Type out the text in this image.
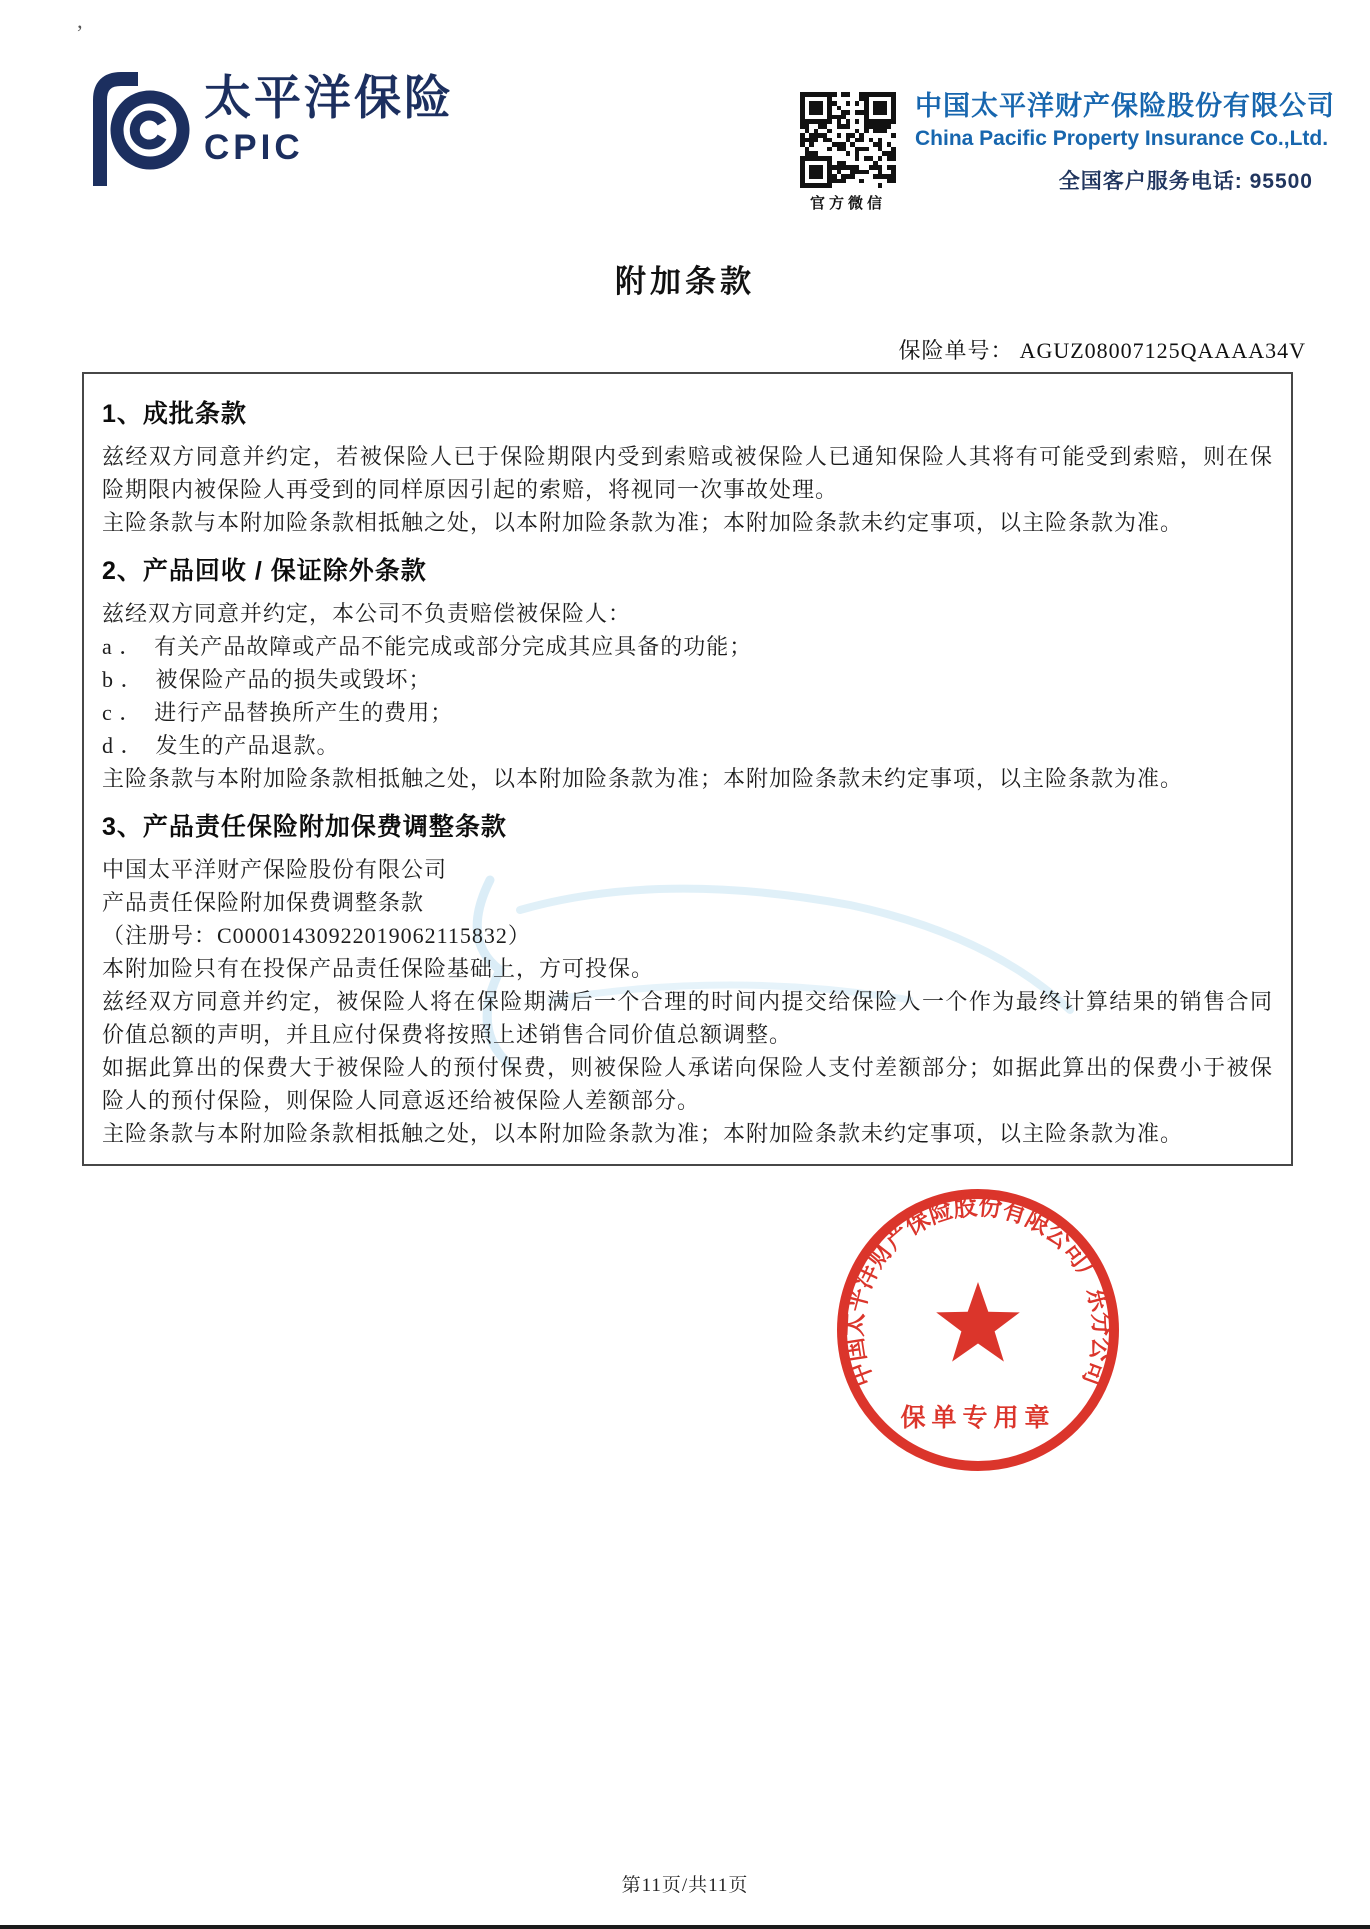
’
太平洋保险
CPIC
官方微信
中国太平洋财产保险股份有限公司
China Pacific Property Insurance Co.,Ltd.
全国客户服务电话: 95500
附加条款
保险单号： AGUZ08007125QAAAA34V
1、成批条款

兹经双方同意并约定，若被保险人已于保险期限内受到索赔或被保险人已通知保险人其将有可能受到索赔，则在保险期限内被保险人再受到的同样原因引起的索赔，将视同一次事故处理。

主险条款与本附加险条款相抵触之处，以本附加险条款为准；本附加险条款未约定事项，以主险条款为准。

2、产品回收 / 保证除外条款

兹经双方同意并约定，本公司不负责赔偿被保险人：

a ．　有关产品故障或产品不能完成或部分完成其应具备的功能；

b ．　被保险产品的损失或毁坏；

c ．　进行产品替换所产生的费用；

d ．　发生的产品退款。

主险条款与本附加险条款相抵触之处，以本附加险条款为准；本附加险条款未约定事项，以主险条款为准。

3、产品责任保险附加保费调整条款

中国太平洋财产保险股份有限公司

产品责任保险附加保费调整条款

（注册号：C00001430922019062115832）

本附加险只有在投保产品责任保险基础上，方可投保。

兹经双方同意并约定，被保险人将在保险期满后一个合理的时间内提交给保险人一个作为最终计算结果的销售合同价值总额的声明，并且应付保费将按照上述销售合同价值总额调整。

如据此算出的保费大于被保险人的预付保费，则被保险人承诺向保险人支付差额部分；如据此算出的保费小于被保险人的预付保险，则保险人同意返还给被保险人差额部分。

主险条款与本附加险条款相抵触之处，以本附加险条款为准；本附加险条款未约定事项，以主险条款为准。

中国太平洋财产保险股份有限公司广东分公司
保单专用章
第11页/共11页
